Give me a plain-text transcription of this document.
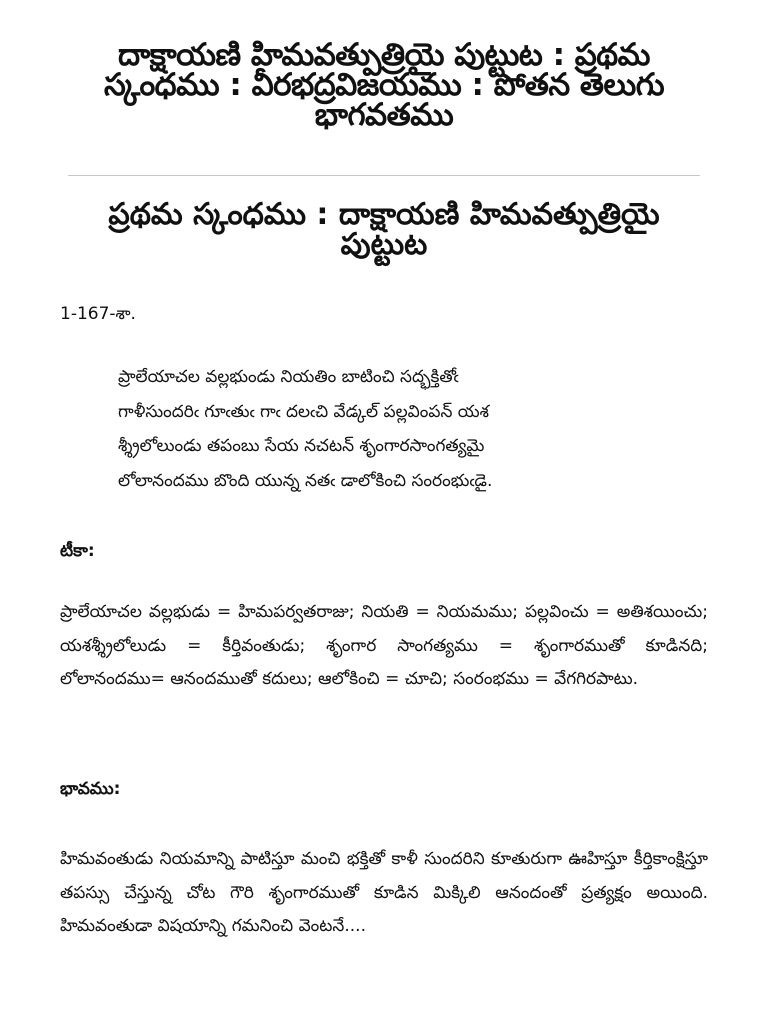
దాక్షాయణి హిమవత్పుత్రియై పుట్టుట : ప్రథమ స్కంధము : వీరభద్రవిజయము : పోతన తెలుగు భాగవతము
ప్రథమ స్కంధము : దాక్షాయణి హిమవత్పుత్రియై పుట్టుట

1-167-శా.

ప్రాలేయాచల వల్లభుండు నియతిం బాటించి సద్భక్తితోఁ
గాళీసుందరిఁ గూఁతుఁ గాఁ దలఁచి వేడ్కల్ పల్లవింపన్ యశ
శ్శ్రీలోలుండు తపంబు సేయ నచటన్ శృంగారసాంగత్యమై
లోలానందము బొంది యున్న నతఁ డాలోకించి సంరంభుఁడై.
టీకా:

ప్రాలేయాచల వల్లభుడు = హిమపర్వతరాజు; నియతి = నియమము; పల్లవించు = అతిశయించు; యశశ్శ్రీలోలుడు = కీర్తివంతుడు; శృంగార సాంగత్యము = శృంగారముతో కూడినది; లోలానందము= ఆనందముతో కదులు; ఆలోకించి = చూచి; సంరంభము = వేగగిరపాటు.

భావము:

హిమవంతుడు నియమాన్ని పాటిస్తూ మంచి భక్తితో కాళీ సుందరిని కూతురుగా ఊహిస్తూ కీర్తికాంక్షిస్తూ తపస్సు చేస్తున్న చోట గౌరి శృంగారముతో కూడిన మిక్కిలి ఆనందంతో ప్రత్యక్షం అయింది. హిమవంతుడా విషయాన్ని గమనించి వెంటనే....
